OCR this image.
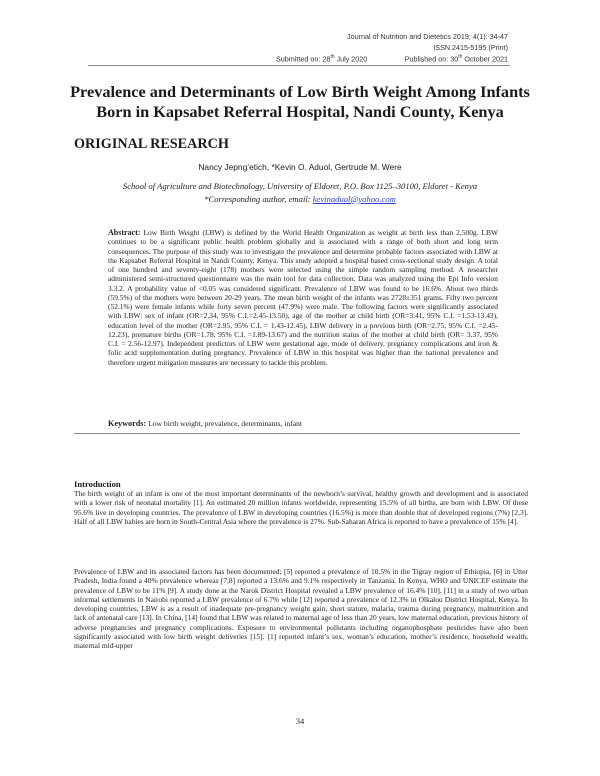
Journal of Nutrition and Dietetics 2019; 4(1): 34-47
ISSN 2415-5195 (Print)
Submitted on: 28th July 2020	Published on: 30th October 2021
Prevalence and Determinants of Low Birth Weight Among Infants Born in Kapsabet Referral Hospital, Nandi County, Kenya
ORIGINAL RESEARCH
Nancy Jepng’etich, *Kevin O. Aduol, Gertrude M. Were
School of Agriculture and Biotechnology, University of Eldoret, P.O. Box 1125–30100, Eldoret - Kenya
*Corresponding author, email: kevinaduol@yahoo.com
Abstract: Low Birth Weight (LBW) is defined by the World Health Organization as weight at birth less than 2,500g. LBW continues to be a significant public health problem globally and is associated with a range of both short and long term consequences. The purpose of this study was to investigate the prevalence and determine probable factors associated with LBW at the Kapsabet Referral Hospital in Nandi County, Kenya. This study adopted a hospital based cross-sectional study design. A total of one hundred and seventy-eight (178) mothers were selected using the simple random sampling method. A researcher administered semi-structured questionnaire was the main tool for data collection. Data was analyzed using the Epi Info version 3.3.2. A probability value of <0.05 was considered significant. Prevalence of LBW was found to be 16.6%. About two thirds (59.5%) of the mothers were between 20-29 years. The mean birth weight of the infants was 2728±351 grams. Fifty two percent (52.1%) were female infants while forty seven percent (47.9%) were male. The following factors were significantly associated with LBW: sex of infant (OR=2.34, 95% C.I.=2.45-13.50), age of the mother at child birth (OR=3.41, 95% C.I. =1.53-13.43), education level of the mother (OR=2.95, 95% C.I. = 1.43-12.45), LBW delivery in a previous birth (OR=2.75, 95% C.I. =2.45-12.23), premature births (OR=1.78, 95% C.I. =1.89-13.67) and the nutrition status of the mother at child birth (OR= 3.37, 95% C.I. = 2.56-12.97). Independent predictors of LBW were gestational age, mode of delivery, pregnancy complications and iron & folic acid supplementation during pregnancy. Prevalence of LBW in this hospital was higher than the national prevalence and therefore urgent mitigation measures are necessary to tackle this problem.
Keywords: Low birth weight, prevalence, determinants, infant
Introduction
The birth weight of an infant is one of the most important determinants of the newborn’s survival, healthy growth and development and is associated with a lower risk of neonatal mortality [1]. An estimated 20 million infants worldwide, representing 15.5% of all births, are born with LBW. Of these 95.6% live in developing countries. The prevalence of LBW in developing countries (16.5%) is more than double that of developed regions (7%) [2,3]. Half of all LBW babies are born in South-Central Asia where the prevalence is 27%. Sub-Saharan Africa is reported to have a prevalence of 15% [4].
Prevalence of LBW and its associated factors has been documented; [5] reported a prevalence of 10.5% in the Tigray region of Ethiopia, [6] in Utter Pradesh, India found a 40% prevalence whereas [7,8] reported a 13.6% and 9.1% respectively in Tanzania. In Kenya, WHO and UNICEF estimate the prevalence of LBW to be 11% [9]. A study done at the Narok District Hospital revealed a LBW prevalence of 16.4% [10]. [11] in a study of two urban informal settlements in Nairobi reported a LBW prevalence of 6.7% while [12] reported a prevalence of 12.3% in Olkalou District Hospital, Kenya. In developing countries, LBW is as a result of inadequate pre-pregnancy weight gain, short stature, malaria, trauma during pregnancy, malnutrition and lack of antenatal care [13]. In China, [14] found that LBW was related to maternal age of less than 20 years, low maternal education, previous history of adverse pregnancies and pregnancy complications. Exposure to environmental pollutants including organophosphate pesticides have also been significantly associated with low birth weight deliveries [15]. [1] reported infant’s sex, woman’s education, mother’s residence, household wealth, maternal mid-upper
34
